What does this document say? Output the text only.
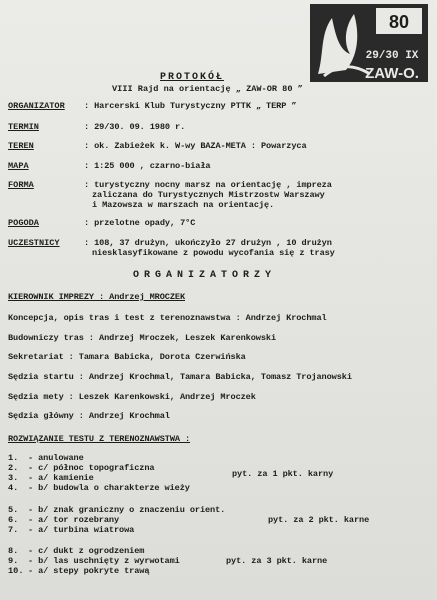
80
29/30 IX
ZAW-O.
PROTOKÓŁ
VIII Rajd na orientację „ ZAW-OR 80 ”
ORGANIZATOR : Harcerski Klub Turystyczny PTTK „ TERP ”
TERMIN	: 29/30. 09. 1980 r.
TEREN	: ok. Zabieżek k. W-wy BAZA-META : Powarzyca
MAPA	: 1:25 000 , czarno-biała
FORMA	: turystyczny nocny marsz na orientację , impreza
zaliczana do Turystycznych Mistrzostw Warszawy
i Mazowsza w marszach na orientację.
POGODA	: przelotne opady, 7°C
UCZESTNICY	: 108, 37 drużyn, ukończyło 27 drużyn , 10 drużyn
niesklasyfikowane z powodu wycofania się z trasy
ORGANIZATORZY
KIEROWNIK IMPREZY : Andrzej MROCZEK
Koncepcja, opis tras i test z terenoznawstwa : Andrzej Krochmal
Budowniczy tras : Andrzej Mroczek, Leszek Karenkowski
Sekretariat : Tamara Babicka, Dorota Czerwińska
Sędzia startu : Andrzej Krochmal, Tamara Babicka, Tomasz Trojanowski
Sędzia mety : Leszek Karenkowski, Andrzej Mroczek
Sędzia główny : Andrzej Krochmal
ROZWIĄZANIE TESTU Z TERENOZNAWSTWA :
1. - anulowane
2. - c/ północ topograficzna
3. - a/ kamienie
4. - b/ budowla o charakterze wieży
pyt. za 1 pkt. karny
5. - b/ znak graniczny o znaczeniu orient.
6. - a/ tor rozebrany
7. - a/ turbina wiatrowa
pyt. za 2 pkt. karne
8. - c/ dukt z ogrodzeniem
9. - b/ las uschnięty z wyrwotami
10. - a/ stepy pokryte trawą
pyt. za 3 pkt. karne
